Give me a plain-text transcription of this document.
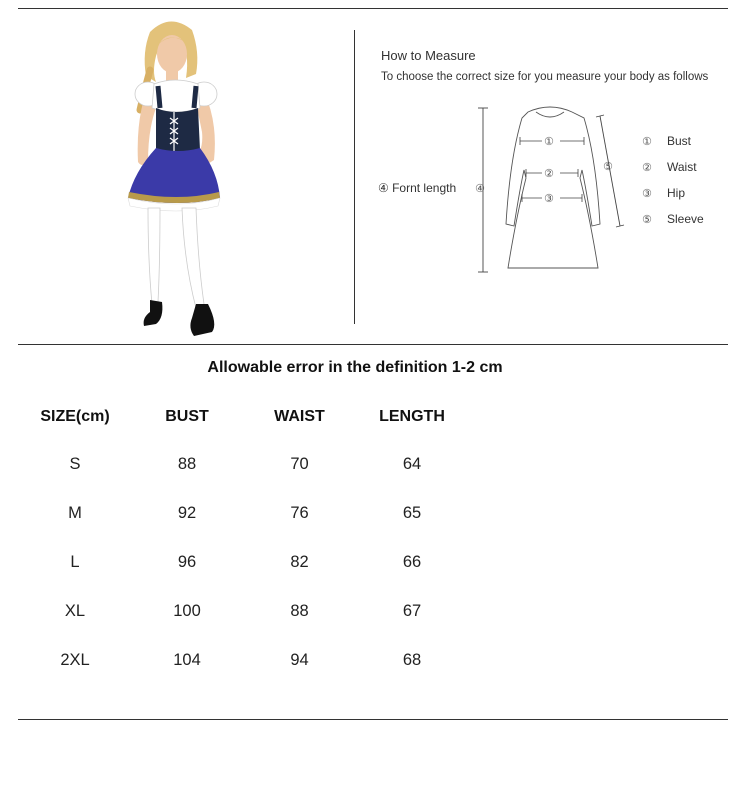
How to Measure
To choose the correct size for you measure your body as follows
④ Fornt length ④
①
②
③
⑤
① Bust
② Waist
③ Hip
⑤ Sleeve
Allowable error in the definition 1-2 cm
SIZE(cm)	BUST	WAIST	LENGTH
S	88	70	64
M	92	76	65
L	96	82	66
XL	100	88	67
2XL	104	94	68
